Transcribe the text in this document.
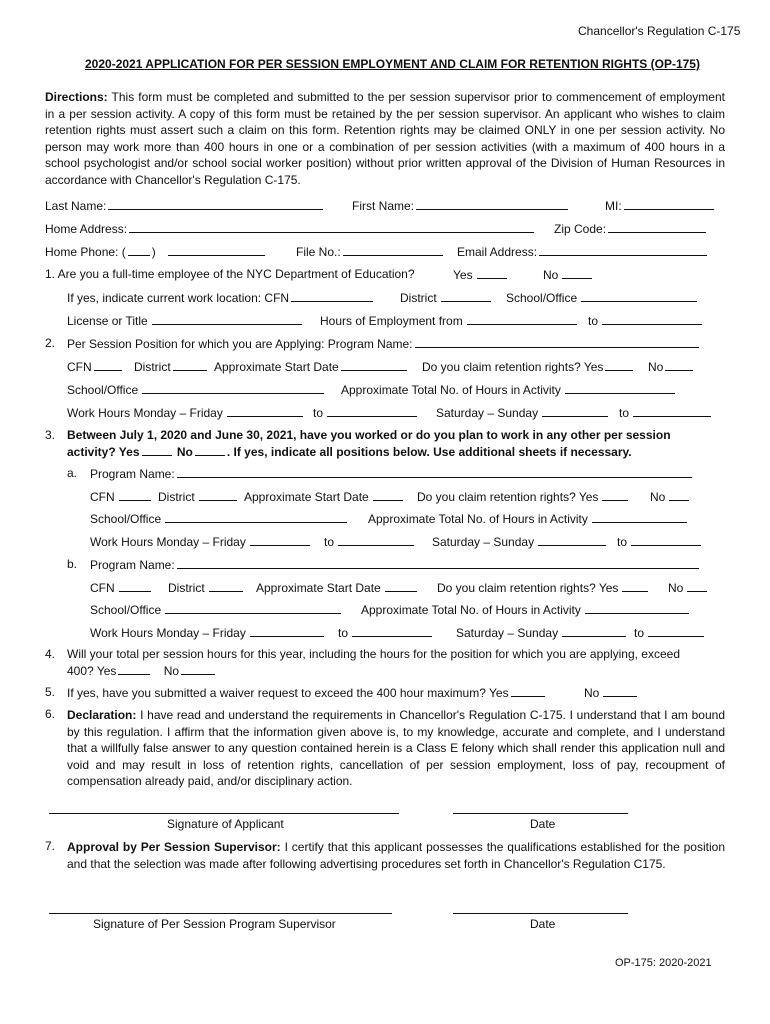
Chancellor's Regulation C-175
2020-2021 APPLICATION FOR PER SESSION EMPLOYMENT AND CLAIM FOR RETENTION RIGHTS (OP-175)
Directions: This form must be completed and submitted to the per session supervisor prior to commencement of employment in a per session activity. A copy of this form must be retained by the per session supervisor. An applicant who wishes to claim retention rights must assert such a claim on this form. Retention rights may be claimed ONLY in one per session activity. No person may work more than 400 hours in one or a combination of per session activities (with a maximum of 400 hours in a school psychologist and/or school social worker position) without prior written approval of the Division of Human Resources in accordance with Chancellor's Regulation C-175.
Last Name:	First Name:	MI:
Home Address:	Zip Code:
Home Phone: ( )	File No.:	Email Address:
1. Are you a full-time employee of the NYC Department of Education?	Yes	No
If yes, indicate current work location: CFN	District	School/Office
License or Title	Hours of Employment from	to
2. Per Session Position for which you are Applying: Program Name:
CFN	District	Approximate Start Date	Do you claim retention rights? Yes	No
School/Office	Approximate Total No. of Hours in Activity
Work Hours Monday – Friday	to	Saturday – Sunday	to
3. Between July 1, 2020 and June 30, 2021, have you worked or do you plan to work in any other per session
activity? Yes	No	. If yes, indicate all positions below. Use additional sheets if necessary.
a. Program Name:
CFN	District	Approximate Start Date	Do you claim retention rights? Yes	No
School/Office	Approximate Total No. of Hours in Activity
Work Hours Monday – Friday	to	Saturday – Sunday	to
b. Program Name:
CFN	District	Approximate Start Date	Do you claim retention rights? Yes	No
School/Office	Approximate Total No. of Hours in Activity
Work Hours Monday – Friday	to	Saturday – Sunday	to
4. Will your total per session hours for this year, including the hours for the position for which you are applying, exceed
400? Yes	No
5. If yes, have you submitted a waiver request to exceed the 400 hour maximum? Yes	No
6. Declaration: I have read and understand the requirements in Chancellor's Regulation C-175. I understand that I am bound by this regulation. I affirm that the information given above is, to my knowledge, accurate and complete, and I understand that a willfully false answer to any question contained herein is a Class E felony which shall render this application null and void and may result in loss of retention rights, cancellation of per session employment, loss of pay, recoupment of compensation already paid, and/or disciplinary action.
Signature of Applicant	Date
7. Approval by Per Session Supervisor: I certify that this applicant possesses the qualifications established for the position and that the selection was made after following advertising procedures set forth in Chancellor's Regulation C175.
Signature of Per Session Program Supervisor	Date
OP-175: 2020-2021
